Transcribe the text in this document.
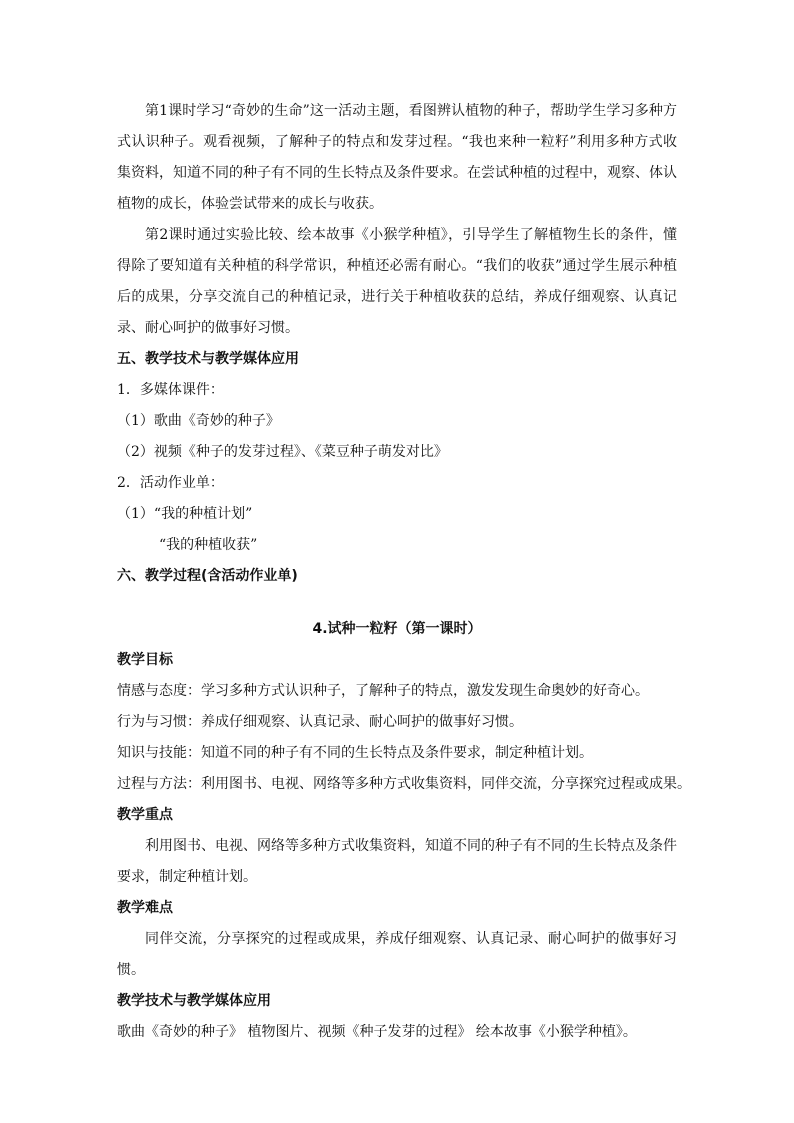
第1课时学习“奇妙的生命”这一活动主题，看图辨认植物的种子，帮助学生学习多种方式认识种子。观看视频，了解种子的特点和发芽过程。“我也来种一粒籽”利用多种方式收集资料，知道不同的种子有不同的生长特点及条件要求。在尝试种植的过程中，观察、体认植物的成长，体验尝试带来的成长与收获。

第2课时通过实验比较、绘本故事《小猴学种植》，引导学生了解植物生长的条件，懂得除了要知道有关种植的科学常识，种植还必需有耐心。“我们的收获”通过学生展示种植后的成果，分享交流自己的种植记录，进行关于种植收获的总结，养成仔细观察、认真记录、耐心呵护的做事好习惯。

五、教学技术与教学媒体应用

1．多媒体课件：

（1）歌曲《奇妙的种子》

（2）视频《种子的发芽过程》、《菜豆种子萌发对比》

2．活动作业单：

（1）“我的种植计划”

“我的种植收获”

六、教学过程(含活动作业单)

4.试种一粒籽（第一课时）

教学目标

情感与态度：学习多种方式认识种子，了解种子的特点，激发发现生命奥妙的好奇心。

行为与习惯：养成仔细观察、认真记录、耐心呵护的做事好习惯。

知识与技能：知道不同的种子有不同的生长特点及条件要求，制定种植计划。

过程与方法：利用图书、电视、网络等多种方式收集资料，同伴交流，分享探究过程或成果。

教学重点

利用图书、电视、网络等多种方式收集资料，知道不同的种子有不同的生长特点及条件要求，制定种植计划。

教学难点

同伴交流，分享探究的过程或成果，养成仔细观察、认真记录、耐心呵护的做事好习惯。

教学技术与教学媒体应用

歌曲《奇妙的种子》 植物图片、视频《种子发芽的过程》 绘本故事《小猴学种植》。
